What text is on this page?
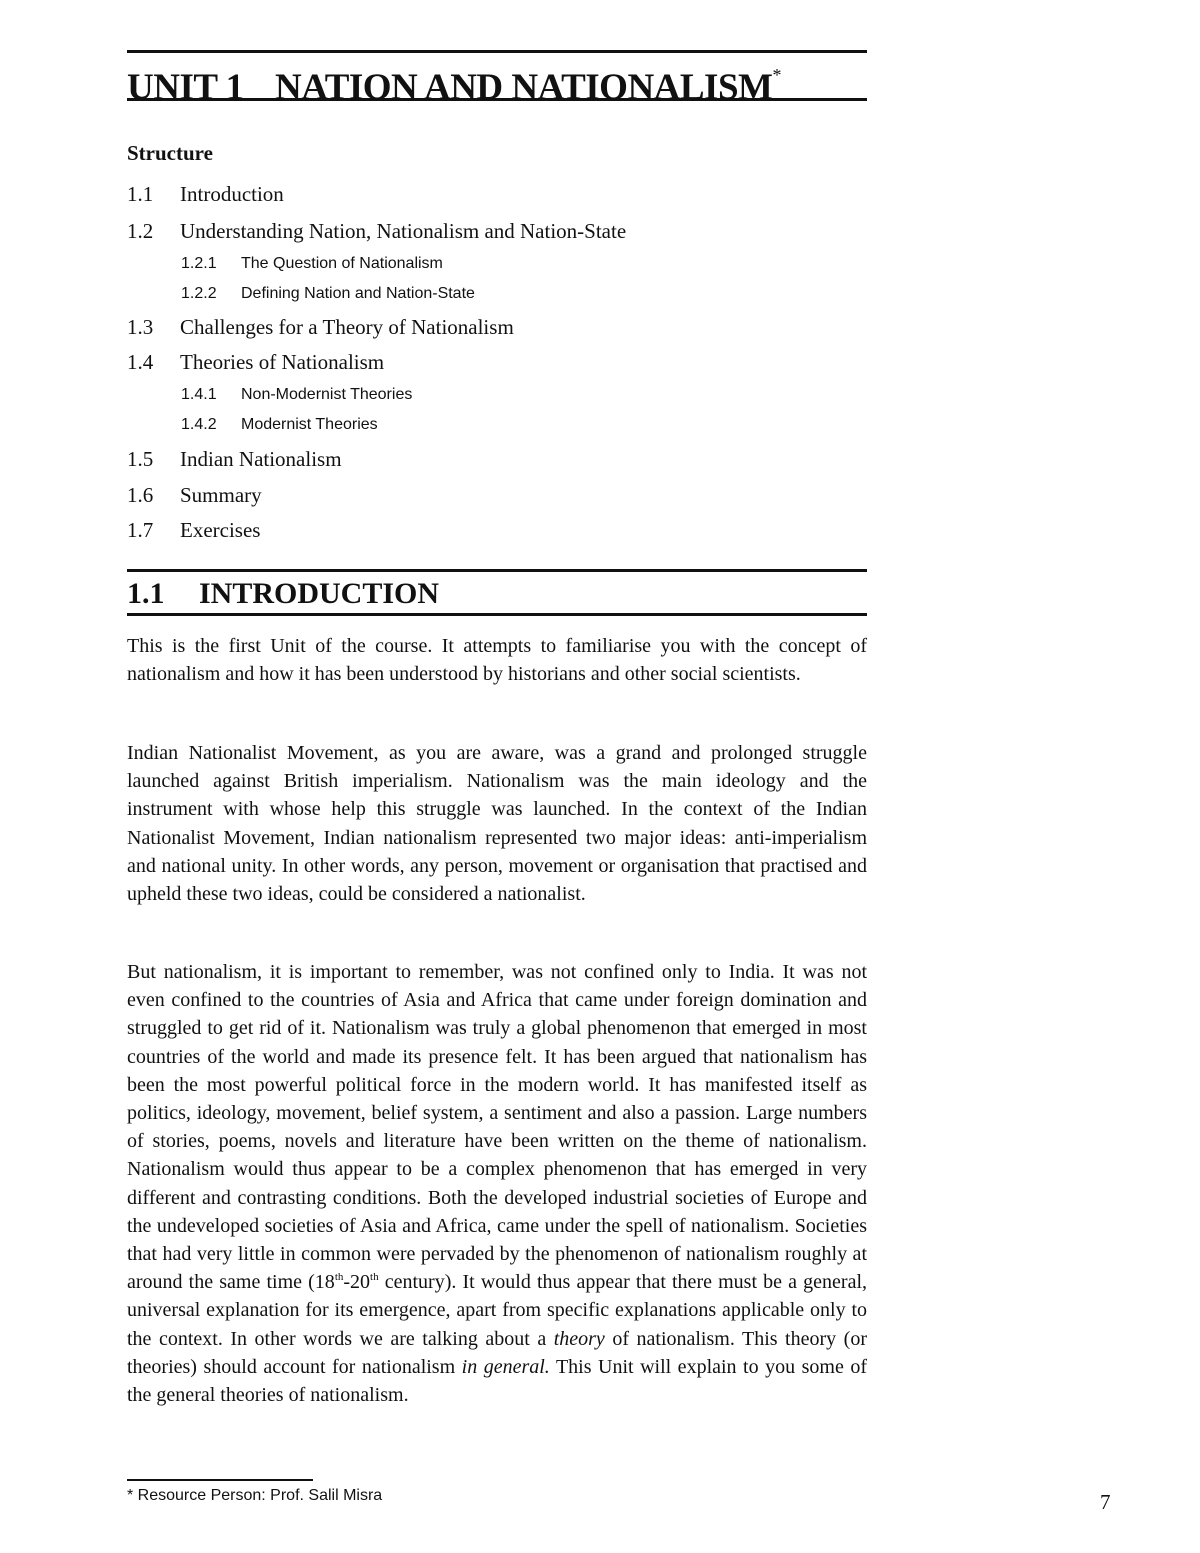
UNIT 1 NATION AND NATIONALISM*
Structure
1.1 Introduction
1.2 Understanding Nation, Nationalism and Nation-State
1.2.1 The Question of Nationalism
1.2.2 Defining Nation and Nation-State
1.3 Challenges for a Theory of Nationalism
1.4 Theories of Nationalism
1.4.1 Non-Modernist Theories
1.4.2 Modernist Theories
1.5 Indian Nationalism
1.6 Summary
1.7 Exercises
1.1 INTRODUCTION
This is the first Unit of the course. It attempts to familiarise you with the concept of nationalism and how it has been understood by historians and other social scientists.
Indian Nationalist Movement, as you are aware, was a grand and prolonged struggle launched against British imperialism. Nationalism was the main ideology and the instrument with whose help this struggle was launched. In the context of the Indian Nationalist Movement, Indian nationalism represented two major ideas: anti-imperialism and national unity. In other words, any person, movement or organisation that practised and upheld these two ideas, could be considered a nationalist.
But nationalism, it is important to remember, was not confined only to India. It was not even confined to the countries of Asia and Africa that came under foreign domination and struggled to get rid of it. Nationalism was truly a global phenomenon that emerged in most countries of the world and made its presence felt. It has been argued that nationalism has been the most powerful political force in the modern world. It has manifested itself as politics, ideology, movement, belief system, a sentiment and also a passion. Large numbers of stories, poems, novels and literature have been written on the theme of nationalism. Nationalism would thus appear to be a complex phenomenon that has emerged in very different and contrasting conditions. Both the developed industrial societies of Europe and the undeveloped societies of Asia and Africa, came under the spell of nationalism. Societies that had very little in common were pervaded by the phenomenon of nationalism roughly at around the same time (18th-20th century). It would thus appear that there must be a general, universal explanation for its emergence, apart from specific explanations applicable only to the context. In other words we are talking about a theory of nationalism. This theory (or theories) should account for nationalism in general. This Unit will explain to you some of the general theories of nationalism.
* Resource Person: Prof. Salil Misra	7
